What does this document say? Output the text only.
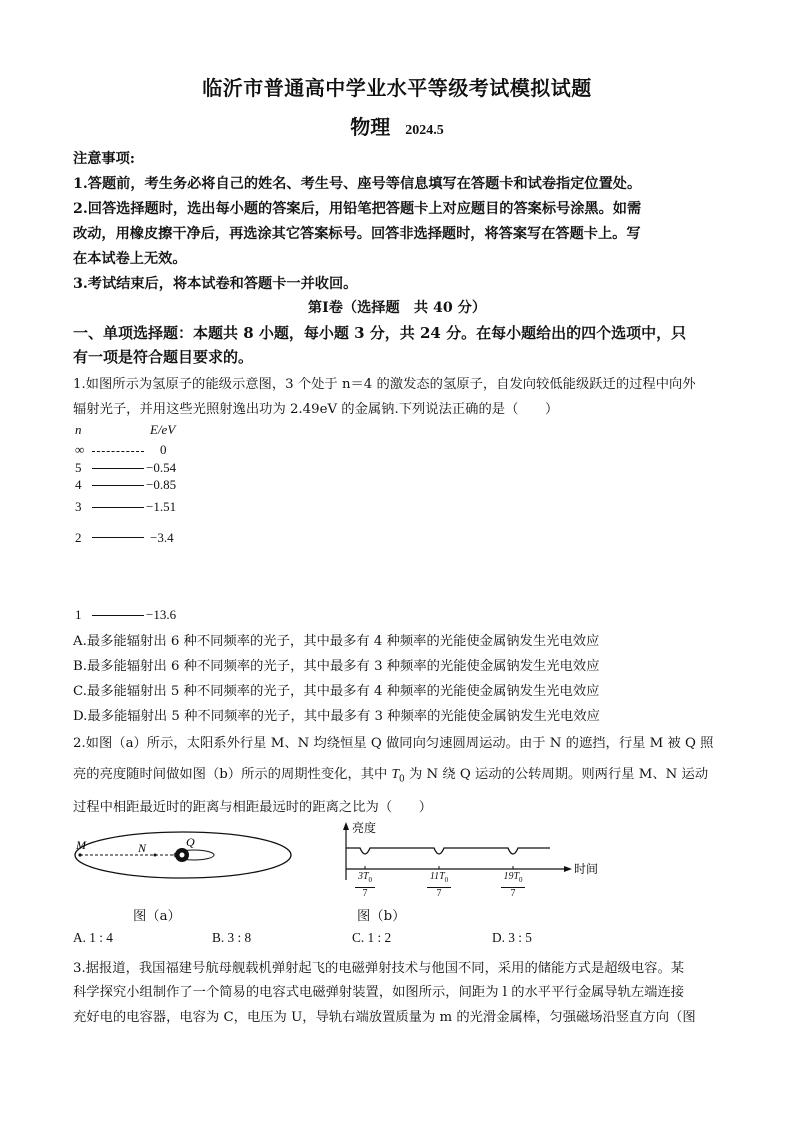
临沂市普通高中学业水平等级考试模拟试题
物理 2024.5
注意事项:
1.答题前，考生务必将自己的姓名、考生号、座号等信息填写在答题卡和试卷指定位置处。
2.回答选择题时，选出每小题的答案后，用铅笔把答题卡上对应题目的答案标号涂黑。如需
改动，用橡皮擦干净后，再选涂其它答案标号。回答非选择题时，将答案写在答题卡上。写
在本试卷上无效。
3.考试结束后，将本试卷和答题卡一并收回。
第Ⅰ卷（选择题　共 40 分）
一、单项选择题：本题共 8 小题，每小题 3 分，共 24 分。在每小题给出的四个选项中，只
有一项是符合题目要求的。
1.如图所示为氢原子的能级示意图，3 个处于 n＝4 的激发态的氢原子，自发向较低能级跃迁的过程中向外
辐射光子，并用这些光照射逸出功为 2.49eV 的金属钠.下列说法正确的是（　　）
n	E/eV
∞	0
5	−0.54
4	−0.85
3	−1.51
2	−3.4
1	−13.6
A.最多能辐射出 6 种不同频率的光子，其中最多有 4 种频率的光能使金属钠发生光电效应
B.最多能辐射出 6 种不同频率的光子，其中最多有 3 种频率的光能使金属钠发生光电效应
C.最多能辐射出 5 种不同频率的光子，其中最多有 4 种频率的光能使金属钠发生光电效应
D.最多能辐射出 5 种不同频率的光子，其中最多有 3 种频率的光能使金属钠发生光电效应
2.如图（a）所示，太阳系外行星 M、N 均绕恒星 Q 做同向匀速圆周运动。由于 N 的遮挡，行星 M 被 Q 照
亮的亮度随时间做如图（b）所示的周期性变化，其中 $T_0$ 为 N 绕 Q 运动的公转周期。则两行星 M、N 运动
过程中相距最近时的距离与相距最远时的距离之比为（　　）
M	N	Q
图（a）
亮度
时间
$3T_0$
7
$11T_0$
7
$19T_0$
7
图（b）
A. 1 : 4	B. 3 : 8	C. 1 : 2	D. 3 : 5
3.据报道，我国福建号航母舰载机弹射起飞的电磁弹射技术与他国不同，采用的储能方式是超级电容。某
科学探究小组制作了一个简易的电容式电磁弹射装置，如图所示，间距为 l 的水平平行金属导轨左端连接
充好电的电容器，电容为 C，电压为 U，导轨右端放置质量为 m 的光滑金属棒，匀强磁场沿竖直方向（图
